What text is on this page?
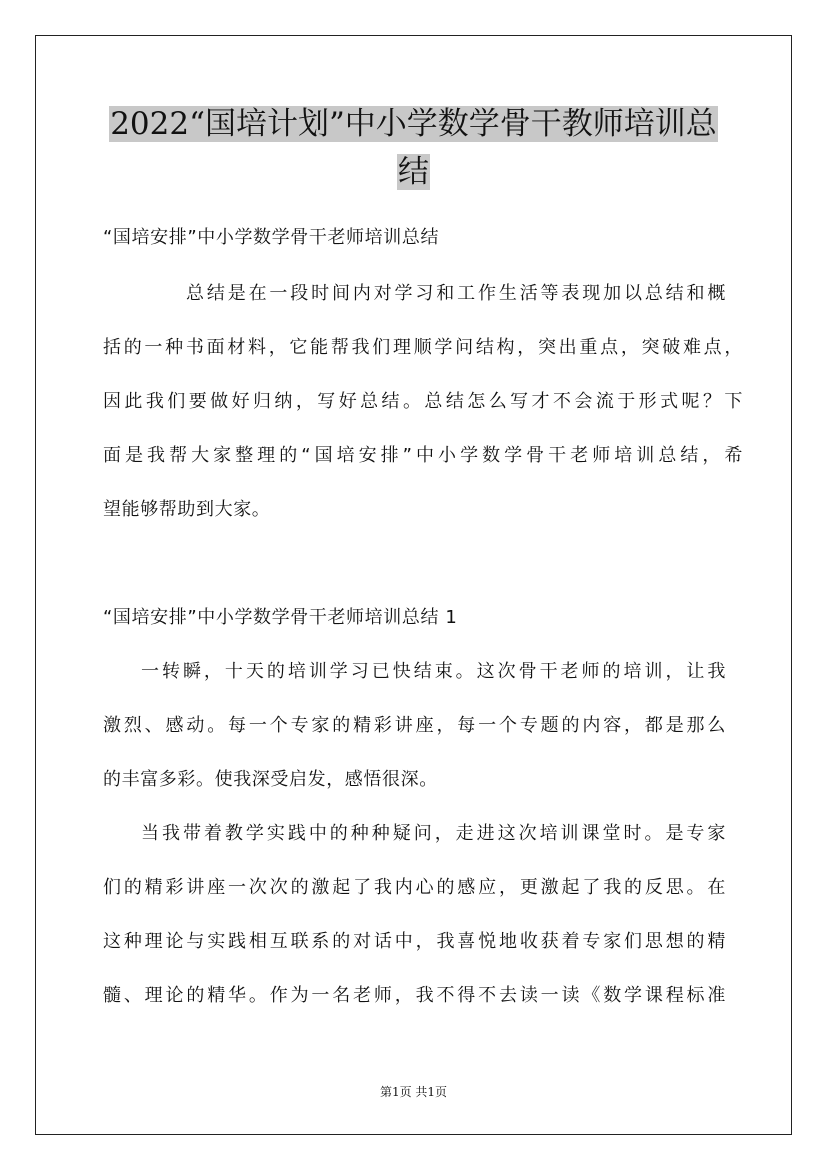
2022“国培计划”中小学数学骨干教师培训总
结
“国培安排”中小学数学骨干老师培训总结
总结是在一段时间内对学习和工作生活等表现加以总结和概
括的一种书面材料，它能帮我们理顺学问结构，突出重点，突破难点，
因此我们要做好归纳，写好总结。总结怎么写才不会流于形式呢？下
面是我帮大家整理的“国培安排”中小学数学骨干老师培训总结，希
望能够帮助到大家。
“国培安排”中小学数学骨干老师培训总结 1
一转瞬，十天的培训学习已快结束。这次骨干老师的培训，让我
激烈、感动。每一个专家的精彩讲座，每一个专题的内容，都是那么
的丰富多彩。使我深受启发，感悟很深。
当我带着教学实践中的种种疑问，走进这次培训课堂时。是专家
们的精彩讲座一次次的激起了我内心的感应，更激起了我的反思。在
这种理论与实践相互联系的对话中，我喜悦地收获着专家们思想的精
髓、理论的精华。作为一名老师，我不得不去读一读《数学课程标准
第1页 共1页
